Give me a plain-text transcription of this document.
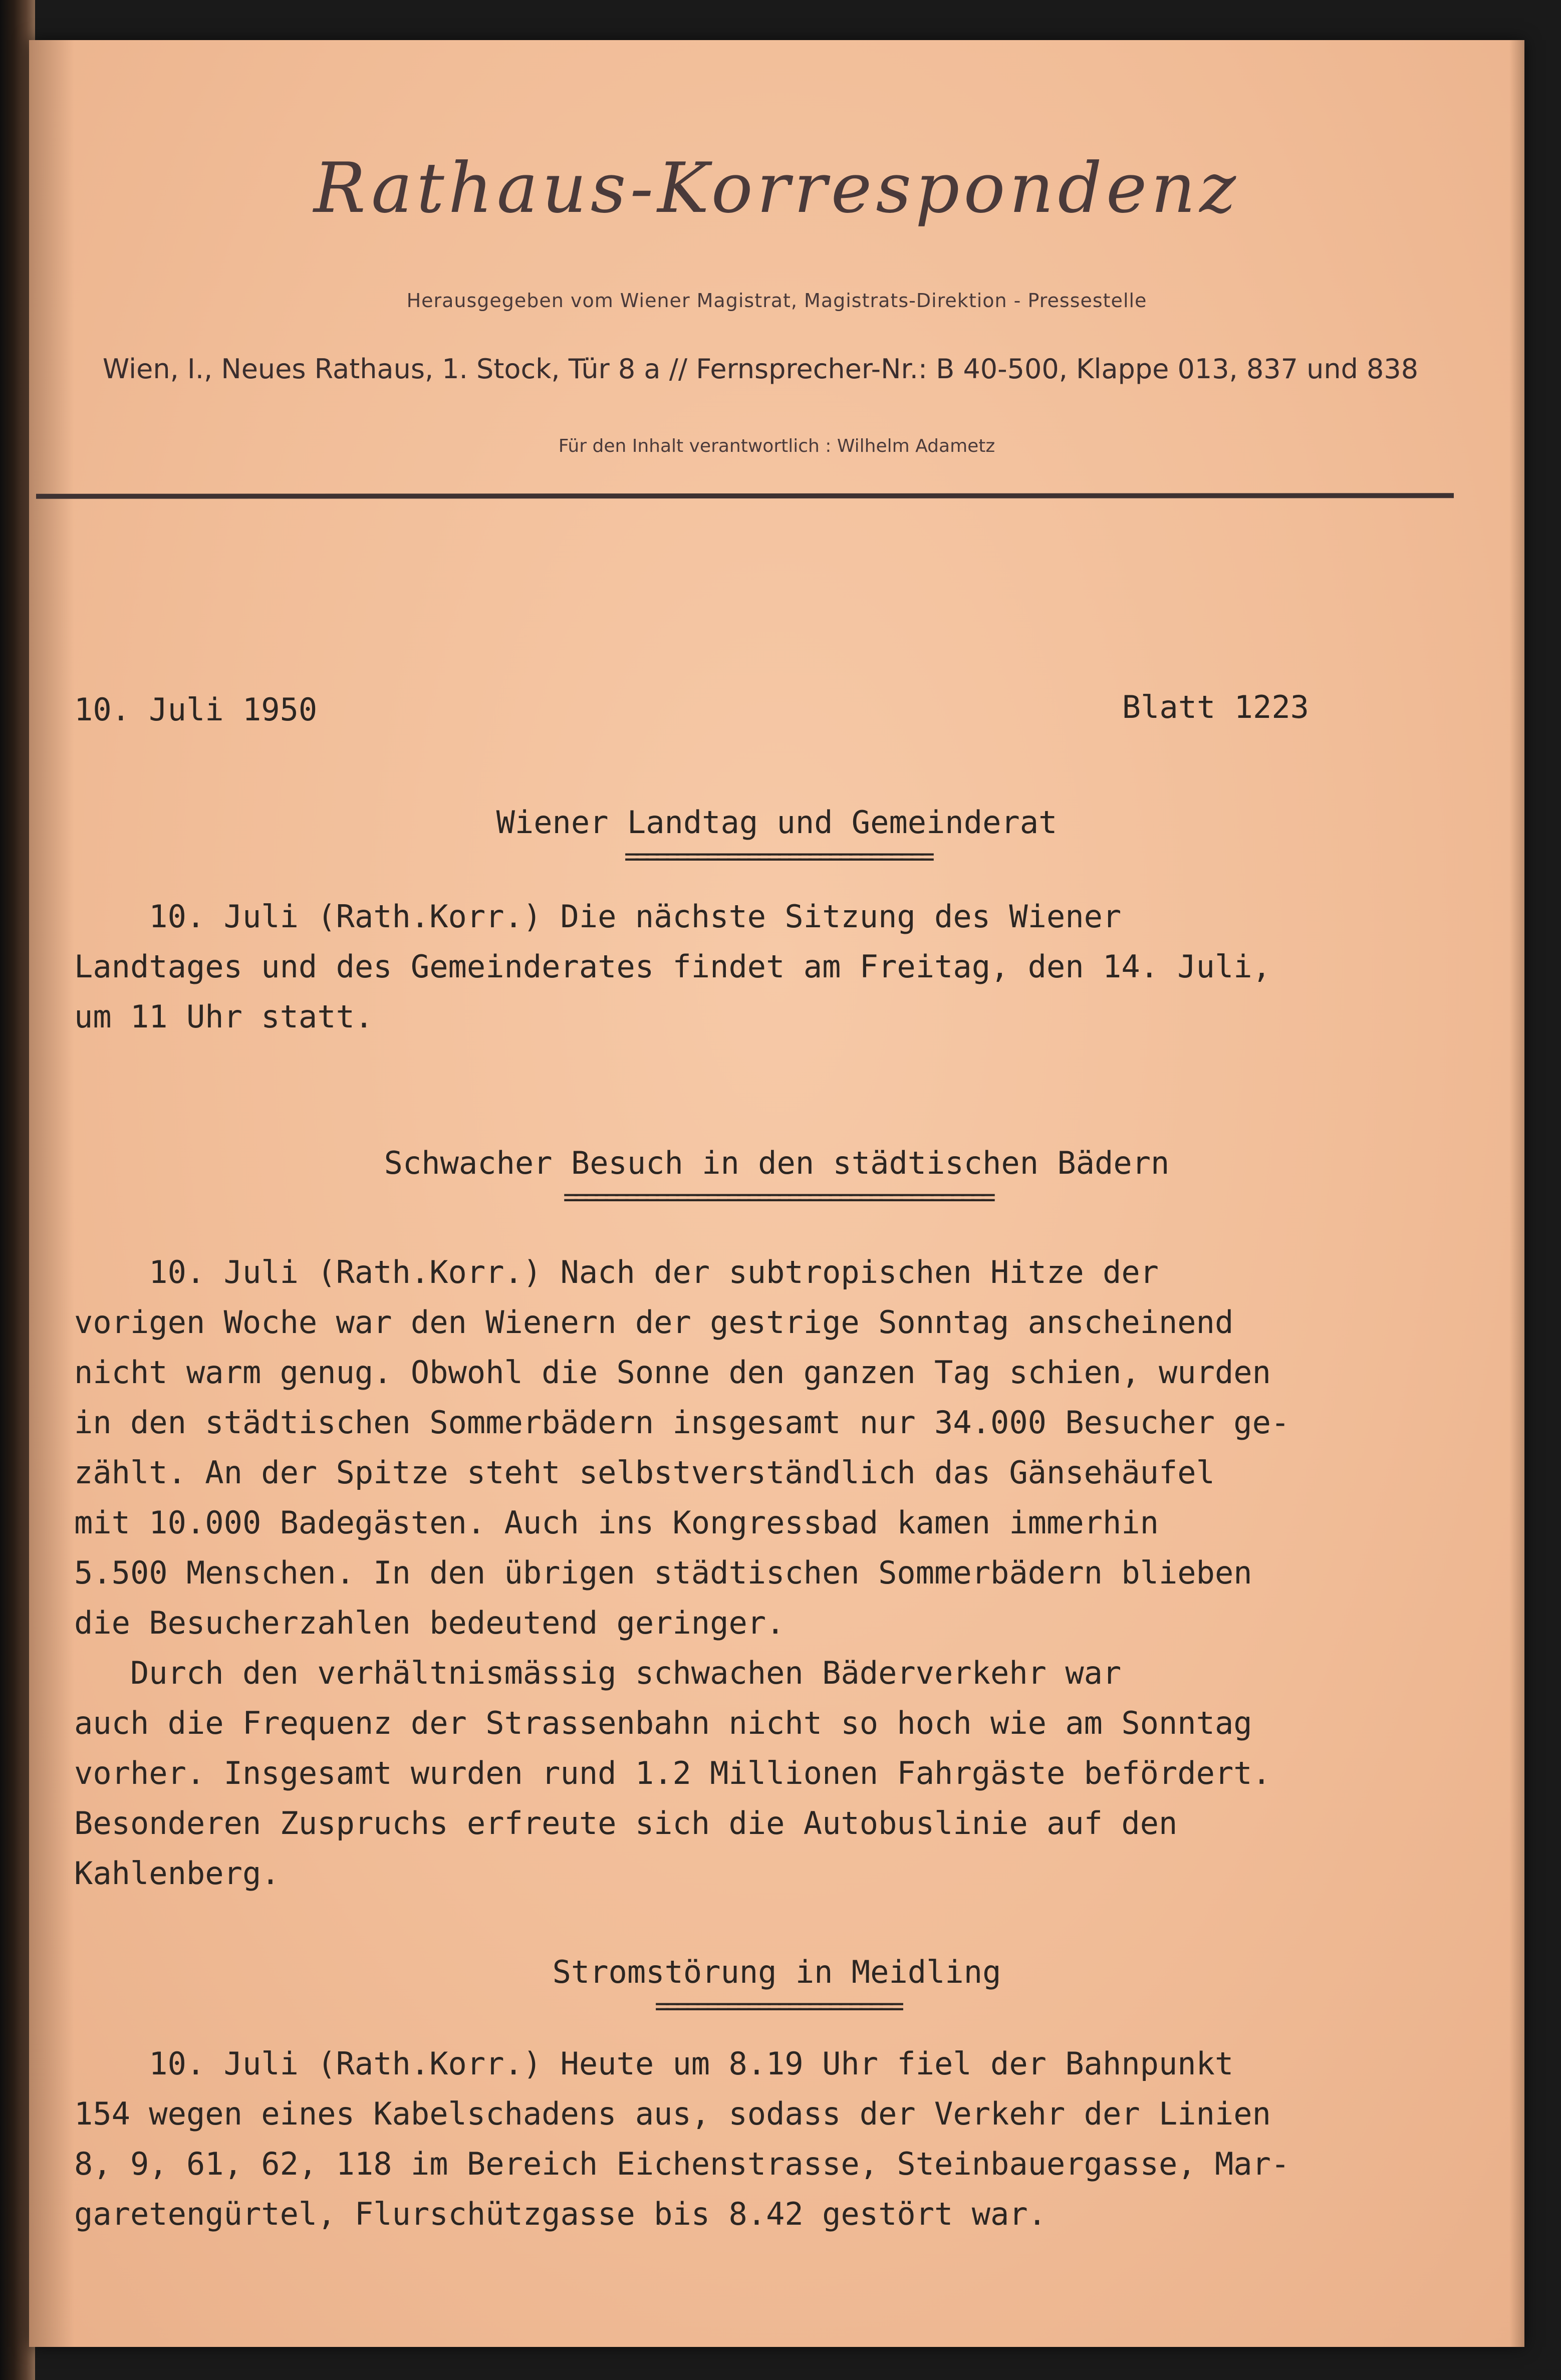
Rathaus-Korrespondenz
Herausgegeben vom Wiener Magistrat, Magistrats-Direktion - Pressestelle
Wien, I., Neues Rathaus, 1. Stock, Tür 8 a // Fernsprecher-Nr.: B 40-500, Klappe 013, 837 und 838
Für den Inhalt verantwortlich : Wilhelm Adametz
10. Juli 1950	Blatt 1223
Wiener Landtag und Gemeinderat
==============================
10. Juli (Rath.Korr.) Die nächste Sitzung des Wiener
Landtages und des Gemeinderates findet am Freitag, den 14. Juli,
um 11 Uhr statt.
Schwacher Besuch in den städtischen Bädern
==========================================
10. Juli (Rath.Korr.) Nach der subtropischen Hitze der
vorigen Woche war den Wienern der gestrige Sonntag anscheinend
nicht warm genug. Obwohl die Sonne den ganzen Tag schien, wurden
in den städtischen Sommerbädern insgesamt nur 34.000 Besucher ge-
zählt. An der Spitze steht selbstverständlich das Gänsehäufel
mit 10.000 Badegästen. Auch ins Kongressbad kamen immerhin
5.500 Menschen. In den übrigen städtischen Sommerbädern blieben
die Besucherzahlen bedeutend geringer.
Durch den verhältnismässig schwachen Bäderverkehr war
auch die Frequenz der Strassenbahn nicht so hoch wie am Sonntag
vorher. Insgesamt wurden rund 1.2 Millionen Fahrgäste befördert.
Besonderen Zuspruchs erfreute sich die Autobuslinie auf den
Kahlenberg.
Stromstörung in Meidling
========================
10. Juli (Rath.Korr.) Heute um 8.19 Uhr fiel der Bahnpunkt
154 wegen eines Kabelschadens aus, sodass der Verkehr der Linien
8, 9, 61, 62, 118 im Bereich Eichenstrasse, Steinbauergasse, Mar-
garetengürtel, Flurschützgasse bis 8.42 gestört war.
